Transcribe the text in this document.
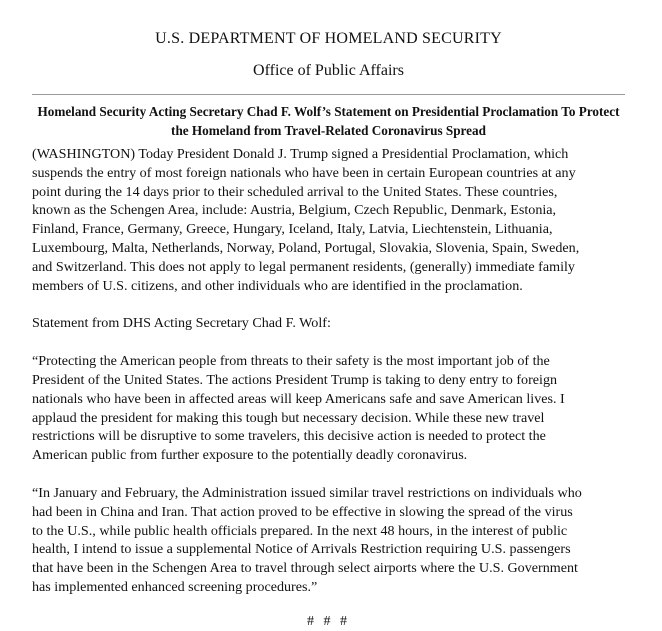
U.S. DEPARTMENT OF HOMELAND SECURITY
Office of Public Affairs
Homeland Security Acting Secretary Chad F. Wolf’s Statement on Presidential Proclamation To Protect
the Homeland from Travel-Related Coronavirus Spread

(WASHINGTON) Today President Donald J. Trump signed a Presidential Proclamation, which
suspends the entry of most foreign nationals who have been in certain European countries at any
point during the 14 days prior to their scheduled arrival to the United States. These countries,
known as the Schengen Area, include: Austria, Belgium, Czech Republic, Denmark, Estonia,
Finland, France, Germany, Greece, Hungary, Iceland, Italy, Latvia, Liechtenstein, Lithuania,
Luxembourg, Malta, Netherlands, Norway, Poland, Portugal, Slovakia, Slovenia, Spain, Sweden,
and Switzerland. This does not apply to legal permanent residents, (generally) immediate family
members of U.S. citizens, and other individuals who are identified in the proclamation.

Statement from DHS Acting Secretary Chad F. Wolf:

“Protecting the American people from threats to their safety is the most important job of the
President of the United States. The actions President Trump is taking to deny entry to foreign
nationals who have been in affected areas will keep Americans safe and save American lives. I
applaud the president for making this tough but necessary decision. While these new travel
restrictions will be disruptive to some travelers, this decisive action is needed to protect the
American public from further exposure to the potentially deadly coronavirus.

“In January and February, the Administration issued similar travel restrictions on individuals who
had been in China and Iran. That action proved to be effective in slowing the spread of the virus
to the U.S., while public health officials prepared. In the next 48 hours, in the interest of public
health, I intend to issue a supplemental Notice of Arrivals Restriction requiring U.S. passengers
that have been in the Schengen Area to travel through select airports where the U.S. Government
has implemented enhanced screening procedures.”

# # #
